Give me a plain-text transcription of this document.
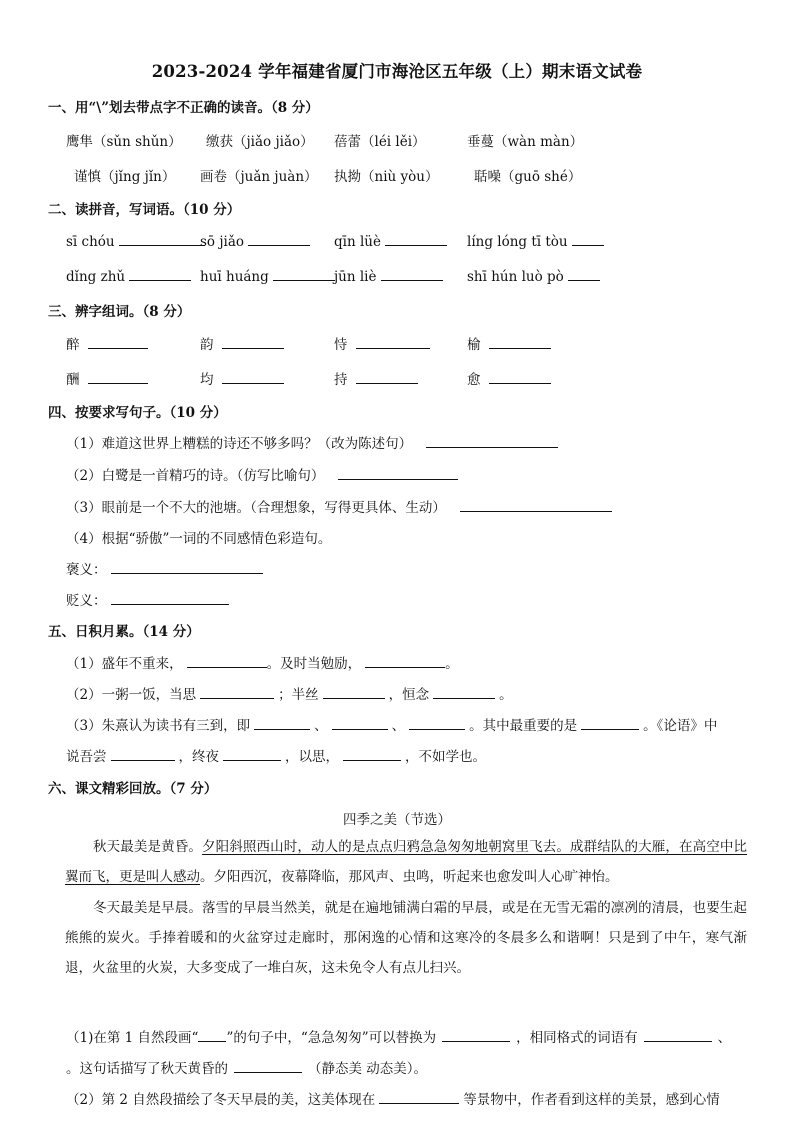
2023-2024 学年福建省厦门市海沧区五年级（上）期末语文试卷
一、用“\”划去带点字不正确的读音。（8 分）
鹰隼（sǔn shǔn） 缴获（jiǎo jiǎo） 蓓蕾（léi lěi）	垂蔓（wàn màn）
谨慎（jǐng jǐn） 画卷（juǎn juàn） 执拗（niù yòu）	聒噪（guō shé）
二、读拼音，写词语。（10 分）
sī chóu	sō jiǎo	qīn lüè	líng lóng tī tòu
dǐng zhǔ	huī huáng	jūn liè	shī hún luò pò
三、辨字组词。（8 分）
醉	韵	恃	榆
酬	均	持	愈
四、按要求写句子。（10 分）
（1）难道这世界上糟糕的诗还不够多吗？（改为陈述句）
（2）白鹭是一首精巧的诗。（仿写比喻句）
（3）眼前是一个不大的池塘。（合理想象，写得更具体、生动）
（4）根据“骄傲”一词的不同感情色彩造句。
褒义：
贬义：
五、日积月累。（14 分）
（1）盛年不重来，	。及时当勉励，	。
（2）一粥一饭，当思	；半丝	，恒念	。
（3）朱熹认为读书有三到，即	、	、	。其中最重要的是	。《论语》中
说吾尝	，终夜	，以思，	，不如学也。
六、课文精彩回放。（7 分）
四季之美（节选）
秋天最美是黄昏。夕阳斜照西山时，动人的是点点归鸦急急匆匆地朝窝里飞去。成群结队的大雁，在高空中比翼而飞，更是叫人感动。夕阳西沉，夜幕降临，那风声、虫鸣，听起来也愈发叫人心旷神怡。
冬天最美是早晨。落雪的早晨当然美，就是在遍地铺满白霜的早晨，或是在无雪无霜的凛冽的清晨，也要生起熊熊的炭火。手捧着暖和的火盆穿过走廊时，那闲逸的心情和这寒冷的冬晨多么和谐啊！只是到了中午，寒气渐退，火盆里的火炭，大多变成了一堆白灰，这未免令人有点儿扫兴。
（1)在第 1 自然段画“ ”的句子中，“急急匆匆”可以替换为	，相同格式的词语有	、
。这句话描写了秋天黄昏的	（静态美 动态美）。
（2）第 2 自然段描绘了冬天早晨的美，这美体现在	等景物中，作者看到这样的美景，感到心情
